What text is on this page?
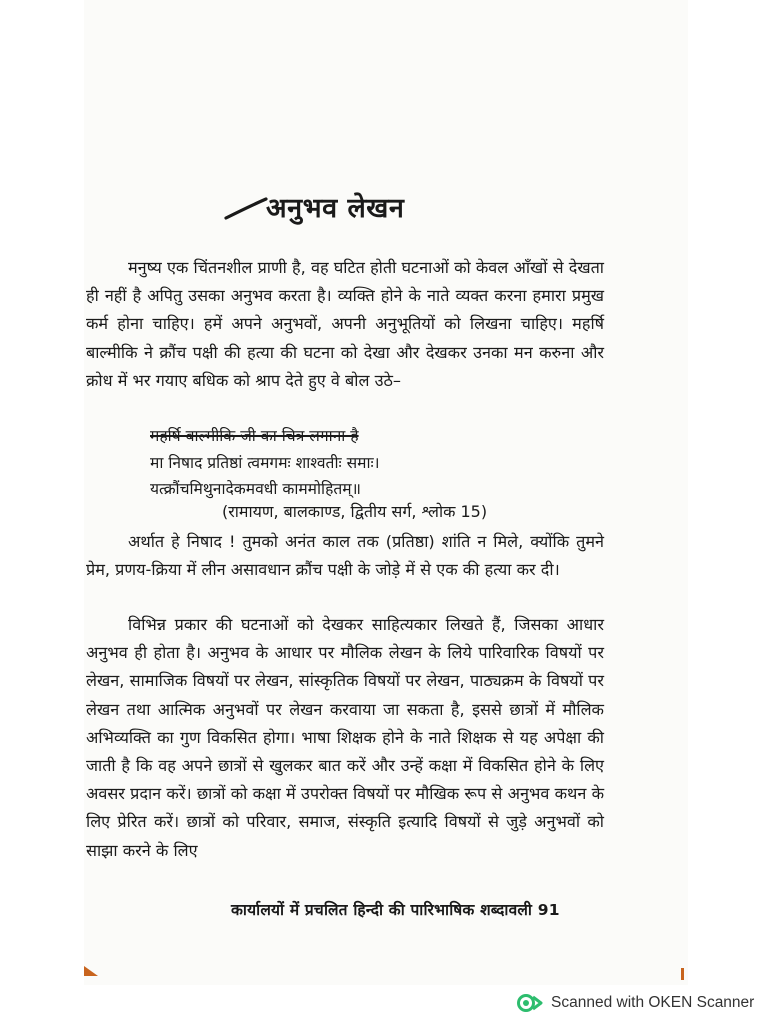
अनुभव लेखन

मनुष्य एक चिंतनशील प्राणी है, वह घटित होती घटनाओं को केवल आँखों से देखता ही नहीं है अपितु उसका अनुभव करता है। व्यक्ति होने के नाते व्यक्त करना हमारा प्रमुख कर्म होना चाहिए। हमें अपने अनुभवों, अपनी अनुभूतियों को लिखना चाहिए। महर्षि बाल्मीकि ने क्रौंच पक्षी की हत्या की घटना को देखा और देखकर उनका मन करुना और क्रोध में भर गयाए बधिक को श्राप देते हुए वे बोल उठे–

महर्षि बाल्मीकि जी का चित्र लगाना है

मा निषाद प्रतिष्ठां त्वमगमः शाश्वतीः समाः।

यत्क्रौंचमिथुनादेकमवधी काममोहितम्॥

(रामायण, बालकाण्ड, द्वितीय सर्ग, श्लोक 15)

अर्थात हे निषाद ! तुमको अनंत काल तक (प्रतिष्ठा) शांति न मिले, क्योंकि तुमने प्रेम, प्रणय-क्रिया में लीन असावधान क्रौंच पक्षी के जोड़े में से एक की हत्या कर दी।

विभिन्न प्रकार की घटनाओं को देखकर साहित्यकार लिखते हैं, जिसका आधार अनुभव ही होता है। अनुभव के आधार पर मौलिक लेखन के लिये पारिवारिक विषयों पर लेखन, सामाजिक विषयों पर लेखन, सांस्कृतिक विषयों पर लेखन, पाठ्यक्रम के विषयों पर लेखन तथा आत्मिक अनुभवों पर लेखन करवाया जा सकता है, इससे छात्रों में मौलिक अभिव्यक्ति का गुण विकसित होगा। भाषा शिक्षक होने के नाते शिक्षक से यह अपेक्षा की जाती है कि वह अपने छात्रों से खुलकर बात करें और उन्हें कक्षा में विकसित होने के लिए अवसर प्रदान करें। छात्रों को कक्षा में उपरोक्त विषयों पर मौखिक रूप से अनुभव कथन के लिए प्रेरित करें। छात्रों को परिवार, समाज, संस्कृति इत्यादि विषयों से जुड़े अनुभवों को साझा करने के लिए

कार्यालयों में प्रचलित हिन्दी की पारिभाषिक शब्दावली 91
Scanned with OKEN Scanner
